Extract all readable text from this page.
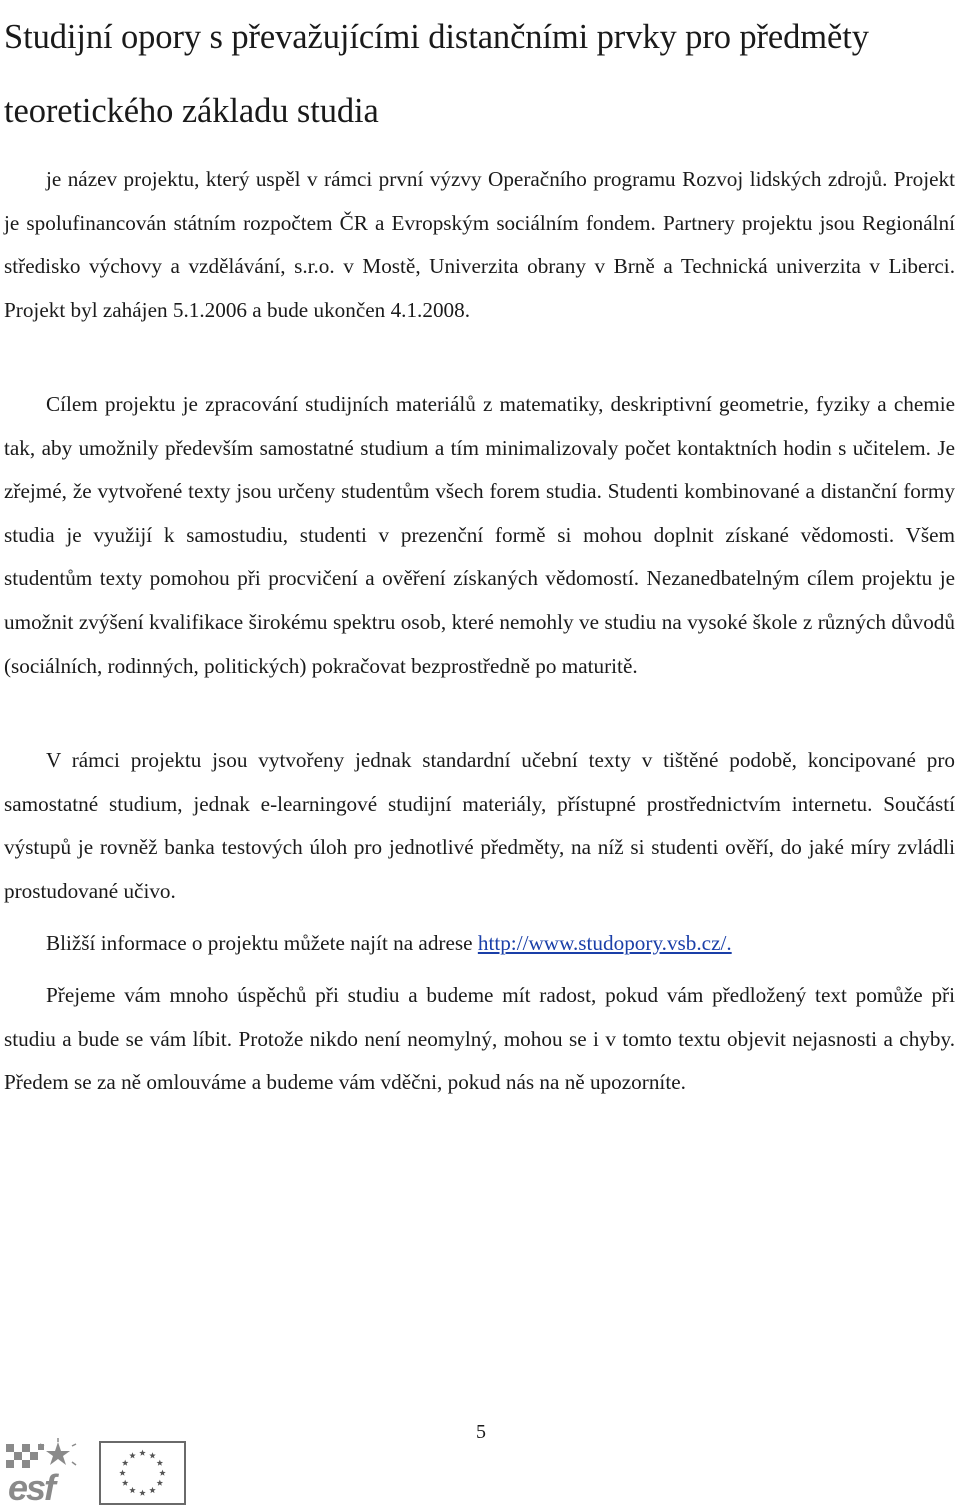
Studijní opory s převažujícími distančními prvky pro předměty teoretického základu studia

je název projektu, který uspěl v rámci první výzvy Operačního programu Rozvoj lidských zdrojů. Projekt je spolufinancován státním rozpočtem ČR a Evropským sociálním fondem. Partnery projektu jsou Regionální středisko výchovy a vzdělávání, s.r.o. v Mostě, Univerzita obrany v Brně a Technická univerzita v Liberci. Projekt byl zahájen 5.1.2006 a bude ukončen 4.1.2008.

Cílem projektu je zpracování studijních materiálů z matematiky, deskriptivní geometrie, fyziky a chemie tak, aby umožnily především samostatné studium a tím minimalizovaly počet kontaktních hodin s učitelem. Je zřejmé, že vytvořené texty jsou určeny studentům všech forem studia. Studenti kombinované a distanční formy studia je využijí k samostudiu, studenti v prezenční formě si mohou doplnit získané vědomosti. Všem studentům texty pomohou při procvičení a ověření získaných vědomostí. Nezanedbatelným cílem projektu je umožnit zvýšení kvalifikace širokému spektru osob, které nemohly ve studiu na vysoké škole z různých důvodů (sociálních, rodinných, politických) pokračovat bezprostředně po maturitě.

V rámci projektu jsou vytvořeny jednak standardní učební texty v tištěné podobě, koncipované pro samostatné studium, jednak e-learningové studijní materiály, přístupné prostřednictvím internetu. Součástí výstupů je rovněž banka testových úloh pro jednotlivé předměty, na níž si studenti ověří, do jaké míry zvládli prostudované učivo.

Bližší informace o projektu můžete najít na adrese http://www.studopory.vsb.cz/.

Přejeme vám mnoho úspěchů při studiu a budeme mít radost, pokud vám předložený text pomůže při studiu a bude se vám líbit. Protože nikdo není neomylný, mohou se i v tomto textu objevit nejasnosti a chyby. Předem se za ně omlouváme a budeme vám vděčni, pokud nás na ně upozorníte.

5
esf
